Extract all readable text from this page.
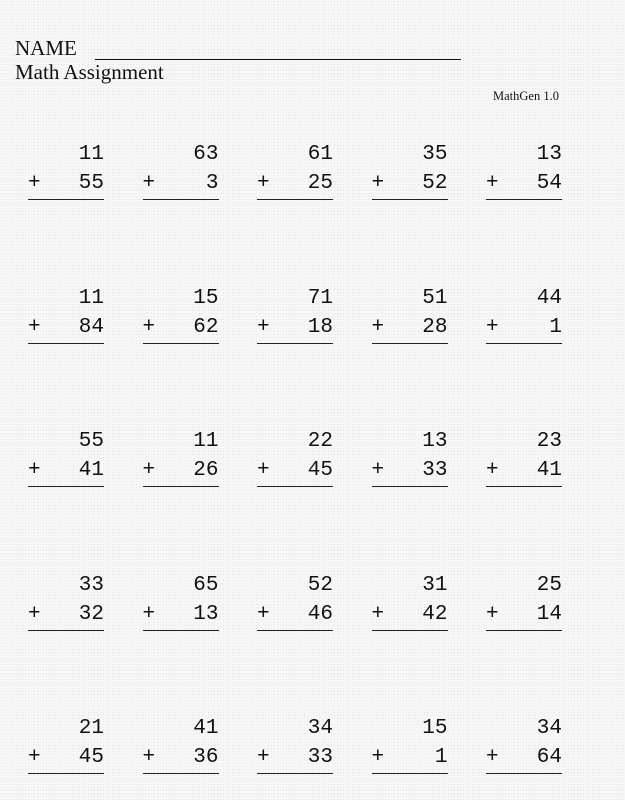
NAME
Math Assignment
MathGen 1.0
11
+ 55
63
+ 3
61
+ 25
35
+ 52
13
+ 54
11
+ 84
15
+ 62
71
+ 18
51
+ 28
44
+ 1
55
+ 41
11
+ 26
22
+ 45
13
+ 33
23
+ 41
33
+ 32
65
+ 13
52
+ 46
31
+ 42
25
+ 14
21
+ 45
41
+ 36
34
+ 33
15
+ 1
34
+ 64
